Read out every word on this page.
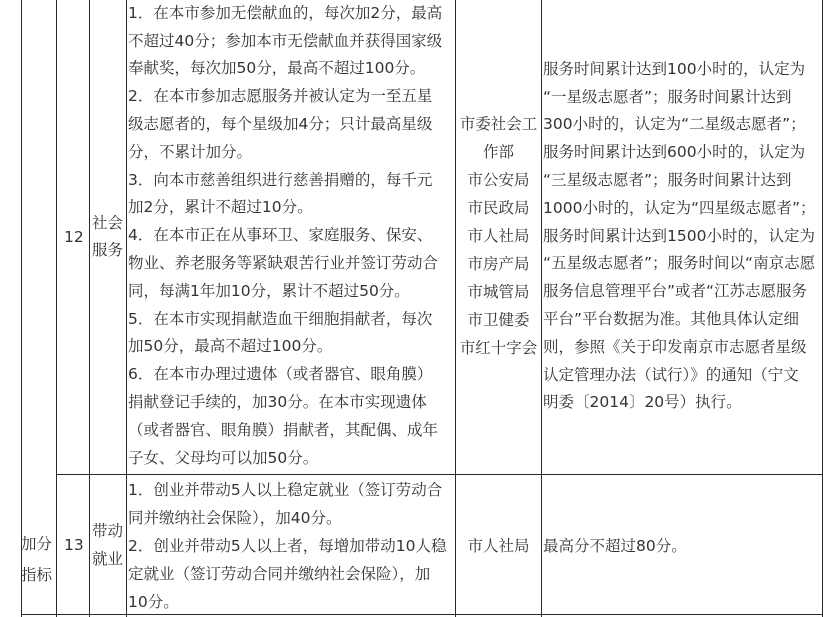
加分
指标
12
社会
服务
1．在本市参加无偿献血的，每次加2分，最高
不超过40分；参加本市无偿献血并获得国家级
奉献奖，每次加50分，最高不超过100分。
2．在本市参加志愿服务并被认定为一至五星
级志愿者的，每个星级加4分；只计最高星级
分，不累计加分。
3．向本市慈善组织进行慈善捐赠的，每千元
加2分，累计不超过10分。
4．在本市正在从事环卫、家庭服务、保安、
物业、养老服务等紧缺艰苦行业并签订劳动合
同，每满1年加10分，累计不超过50分。
5．在本市实现捐献造血干细胞捐献者，每次
加50分，最高不超过100分。
6．在本市办理过遗体（或者器官、眼角膜）
捐献登记手续的，加30分。在本市实现遗体
（或者器官、眼角膜）捐献者，其配偶、成年
子女、父母均可以加50分。
市委社会工
作部
市公安局
市民政局
市人社局
市房产局
市城管局
市卫健委
市红十字会
服务时间累计达到100小时的，认定为
“一星级志愿者”；服务时间累计达到
300小时的，认定为“二星级志愿者”；
服务时间累计达到600小时的，认定为
“三星级志愿者”；服务时间累计达到
1000小时的，认定为“四星级志愿者”；
服务时间累计达到1500小时的，认定为
“五星级志愿者”；服务时间以“南京志愿
服务信息管理平台”或者“江苏志愿服务
平台”平台数据为准。其他具体认定细
则，参照《关于印发南京市志愿者星级
认定管理办法（试行）》的通知（宁文
明委〔2014〕20号）执行。
13
带动
就业
1．创业并带动5人以上稳定就业（签订劳动合
同并缴纳社会保险），加40分。
2．创业并带动5人以上者，每增加带动10人稳
定就业（签订劳动合同并缴纳社会保险），加
10分。
市人社局 最高分不超过80分。
